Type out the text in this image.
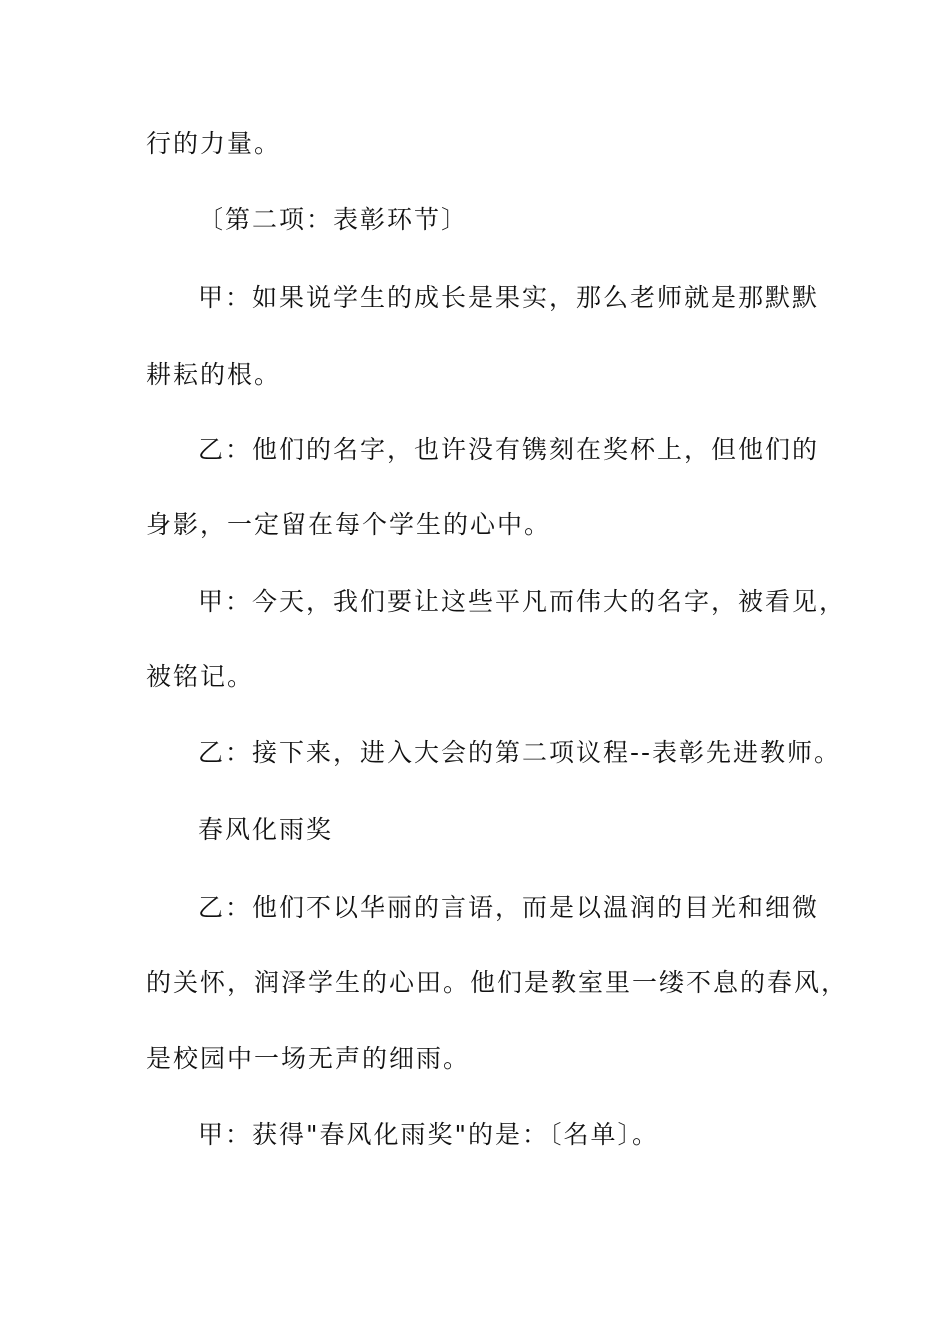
行的力量。

〔第二项：表彰环节〕

甲：如果说学生的成长是果实，那么老师就是那默默

耕耘的根。

乙：他们的名字，也许没有镌刻在奖杯上，但他们的

身影，一定留在每个学生的心中。

甲：今天，我们要让这些平凡而伟大的名字，被看见，

被铭记。

乙：接下来，进入大会的第二项议程--表彰先进教师。

春风化雨奖

乙：他们不以华丽的言语，而是以温润的目光和细微

的关怀，润泽学生的心田。他们是教室里一缕不息的春风，

是校园中一场无声的细雨。

甲：获得"春风化雨奖"的是：〔名单〕。
